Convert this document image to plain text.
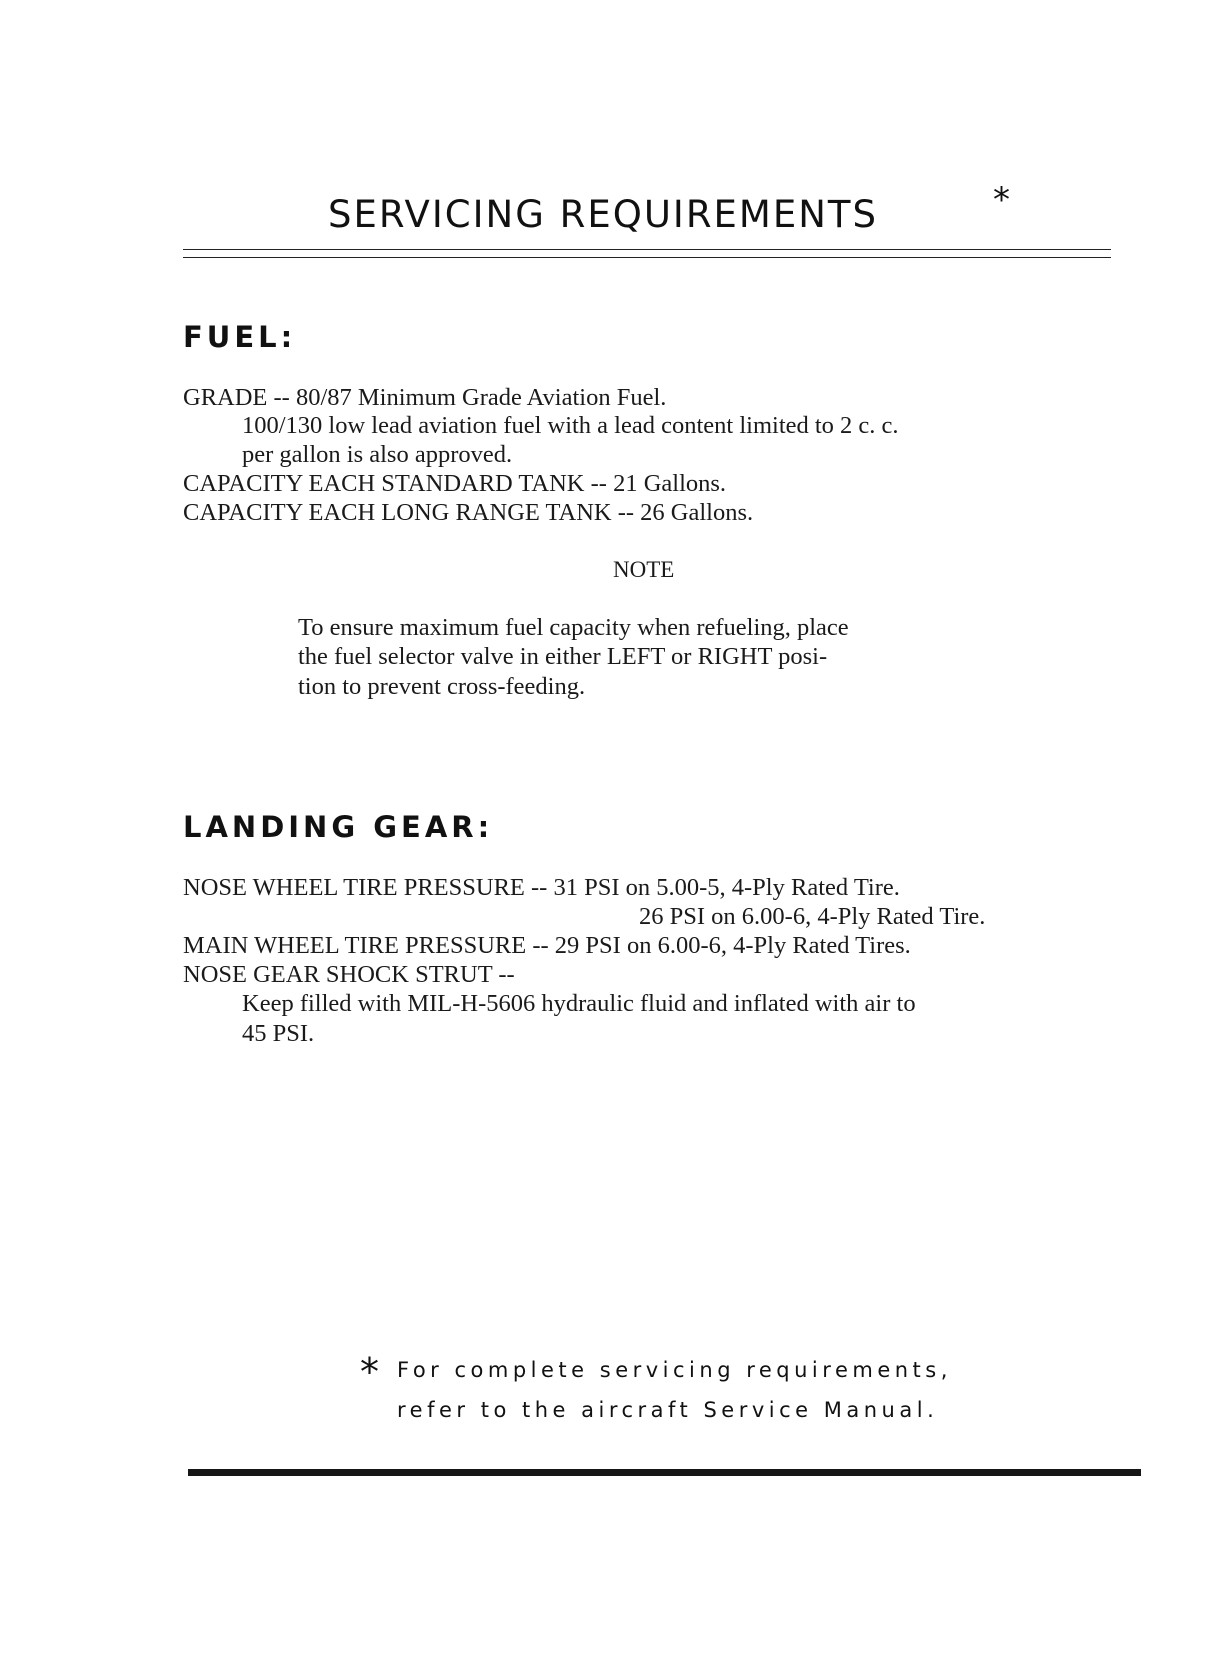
SERVICING REQUIREMENTS	*
FUEL:
GRADE -- 80/87 Minimum Grade Aviation Fuel.
100/130 low lead aviation fuel with a lead content limited to 2 c. c.
per gallon is also approved.
CAPACITY EACH STANDARD TANK -- 21 Gallons.
CAPACITY EACH LONG RANGE TANK -- 26 Gallons.
NOTE
To ensure maximum fuel capacity when refueling, place
the fuel selector valve in either LEFT or RIGHT posi-
tion to prevent cross-feeding.
LANDING GEAR:
NOSE WHEEL TIRE PRESSURE -- 31 PSI on 5.00-5, 4-Ply Rated Tire.
26 PSI on 6.00-6, 4-Ply Rated Tire.
MAIN WHEEL TIRE PRESSURE -- 29 PSI on 6.00-6, 4-Ply Rated Tires.
NOSE GEAR SHOCK STRUT --
Keep filled with MIL-H-5606 hydraulic fluid and inflated with air to
45 PSI.
* For complete servicing requirements,
refer to the aircraft Service Manual.
